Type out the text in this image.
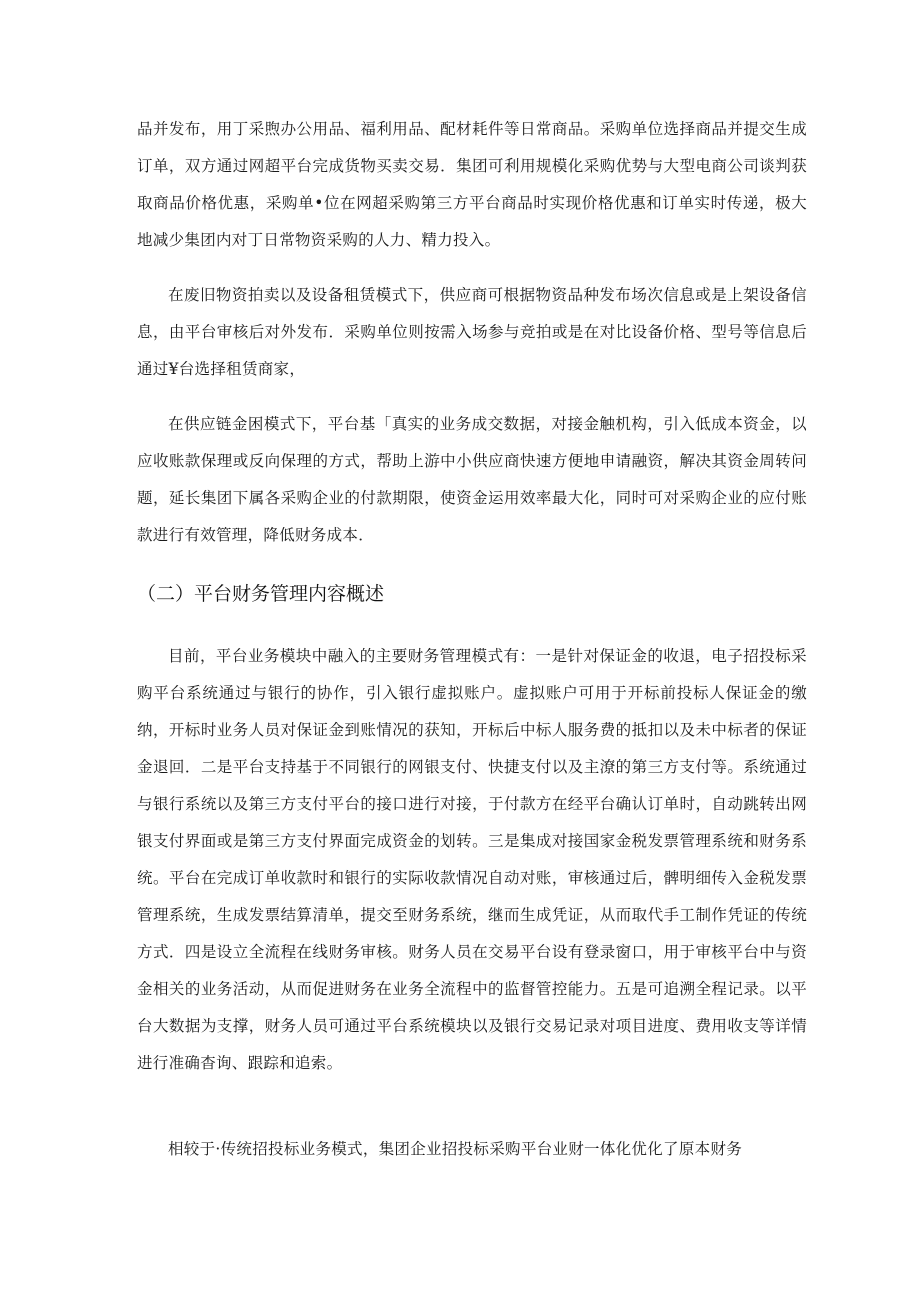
品并发布，用丁采煦办公用品、福利用品、配材耗件等日常商品。采购单位选择商品并提交生成订单，双方通过网超平台完成货物买卖交易．集团可利用规模化采购优势与大型电商公司谈判获取商品价格优惠，采购单•位在网超采购第三方平台商品时实现价格优惠和订单实时传递，极大地减少集团内对丁日常物资采购的人力、精力投入。

在废旧物资拍卖以及设备租赁模式下，供应商可根据物资品种发布场次信息或是上架设备信息，由平台审核后对外发布．采购单位则按需入场参与竞拍或是在对比设备价格、型号等信息后通过¥台选择租赁商家，

在供应链金困模式下，平台基「真实的业务成交数据，对接金触机构，引入低成本资金，以应收账款保理或反向保理的方式，帮助上游中小供应商快速方便地申请融资，解决其资金周转问题，延长集团下属各采购企业的付款期限，使资金运用效率最大化，同时可对采购企业的应付账款进行有效管理，降低财务成本．

（二）平台财务管理内容概述

目前，平台业务模块中融入的主要财务管理模式有：一是针对保证金的收退，电子招投标采购平台系统通过与银行的协作，引入银行虚拟账户。虚拟账户可用于开标前投标人保证金的缴纳，开标时业务人员对保证金到账情况的获知，开标后中标人服务费的抵扣以及未中标者的保证金退回．二是平台支持基于不同银行的网银支付、快捷支付以及主潦的第三方支付等。系统通过与银行系统以及第三方支付平台的接口进行对接，于付款方在经平台确认订单时，自动跳转出网银支付界面或是第三方支付界面完成资金的划转。三是集成对接国家金税发票管理系统和财务系统。平台在完成订单收款时和银行的实际收款情况自动对账，审核通过后，髀明细传入金税发票管理系统，生成发票结算清单，提交至财务系统，继而生成凭证，从而取代手工制作凭证的传统方式．四是设立全流程在线财务审核。财务人员在交易平台设有登录窗口，用于审核平台中与资金相关的业务活动，从而促进财务在业务全流程中的监督管控能力。五是可追溯全程记录。以平台大数据为支撑，财务人员可通过平台系统模块以及银行交易记录对项目进度、费用收支等详情进行准确杳询、跟踪和追索。

相较于·传统招投标业务模式，集团企业招投标采购平台业财一体化优化了原本财务
